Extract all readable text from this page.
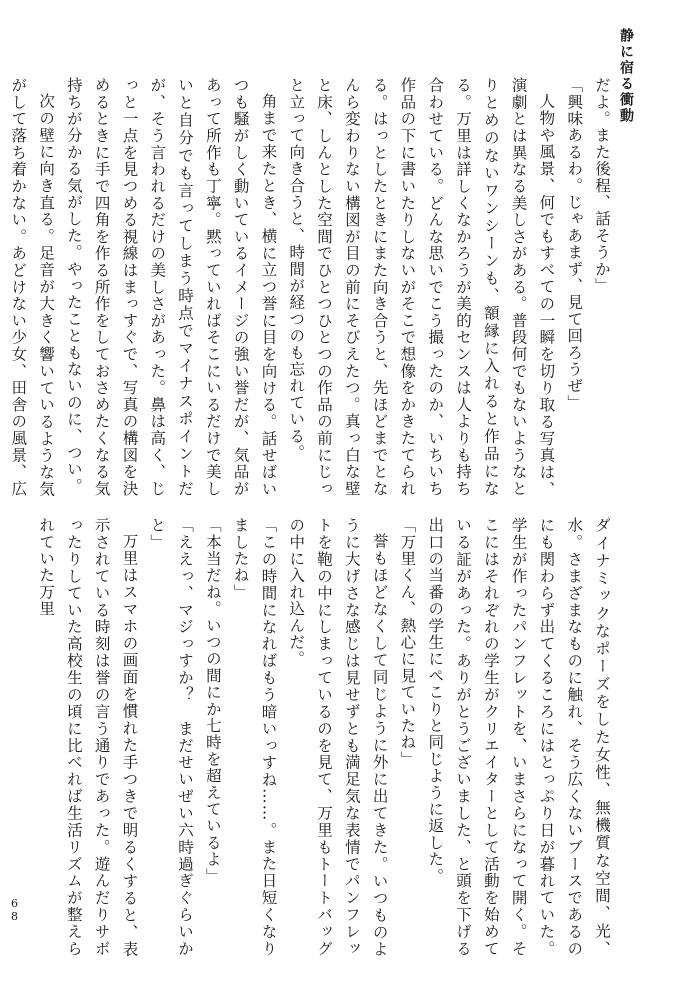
静に宿る衝動

だよ。また後程、話そうか」

「興味あるわ。じゃあまず、見て回ろうぜ」

人物や風景、何でもすべての一瞬を切り取る写真は、演劇とは異なる美しさがある。普段何でもないようなとりとめのないワンシーンも、額縁に入れると作品になる。万里は詳しくなかろうが美的センスは人よりも持ち合わせている。どんな思いでこう撮ったのか、いちいち作品の下に書いたりしないがそこで想像をかきたてられる。はっとしたときにまた向き合うと、先ほどまでとなんら変わりない構図が目の前にそびえたつ。真っ白な壁と床、しんとした空間でひとつひとつの作品の前にじっと立って向き合うと、時間が経つのも忘れている。

角まで来たとき、横に立つ誉に目を向ける。話せばいつも騒がしく動いているイメージの強い誉だが、気品があって所作も丁寧。黙っていればそこにいるだけで美しいと自分でも言ってしまう時点でマイナスポイントだが、そう言われるだけの美しさがあった。鼻は高く、じっと一点を見つめる視線はまっすぐで、写真の構図を決めるときに手で四角を作る所作をしておさめたくなる気持ちが分かる気がした。やったこともないのに、つい。

次の壁に向き直る。足音が大きく響いているような気がして落ち着かない。あどけない少女、田舎の風景、広

ダイナミックなポーズをした女性、無機質な空間、光、水。さまざまなものに触れ、そう広くないブースであるのにも関わらず出てくるころにはとっぷり日が暮れていた。学生が作ったパンフレットを、いまさらになって開く。そこにはそれぞれの学生がクリエイターとして活動を始めている証があった。ありがとうございました、と頭を下げる出口の当番の学生にぺこりと同じように返した。

「万里くん、熱心に見ていたね」

誉もほどなくして同じように外に出てきた。いつものように大げさな感じは見せずとも満足気な表情でパンフレットを鞄の中にしまっているのを見て、万里もトートバッグの中に入れ込んだ。

「この時間になればもう暗いっすね……。また日短くなりましたね」

「本当だね。いつの間にか七時を超えているよ」

「ええっ、マジっすか？　まだせいぜい六時過ぎぐらいかと」

万里はスマホの画面を慣れた手つきで明るくすると、表示されている時刻は誉の言う通りであった。遊んだりサボったりしていた高校生の頃に比べれば生活リズムが整えられていた万里

68
